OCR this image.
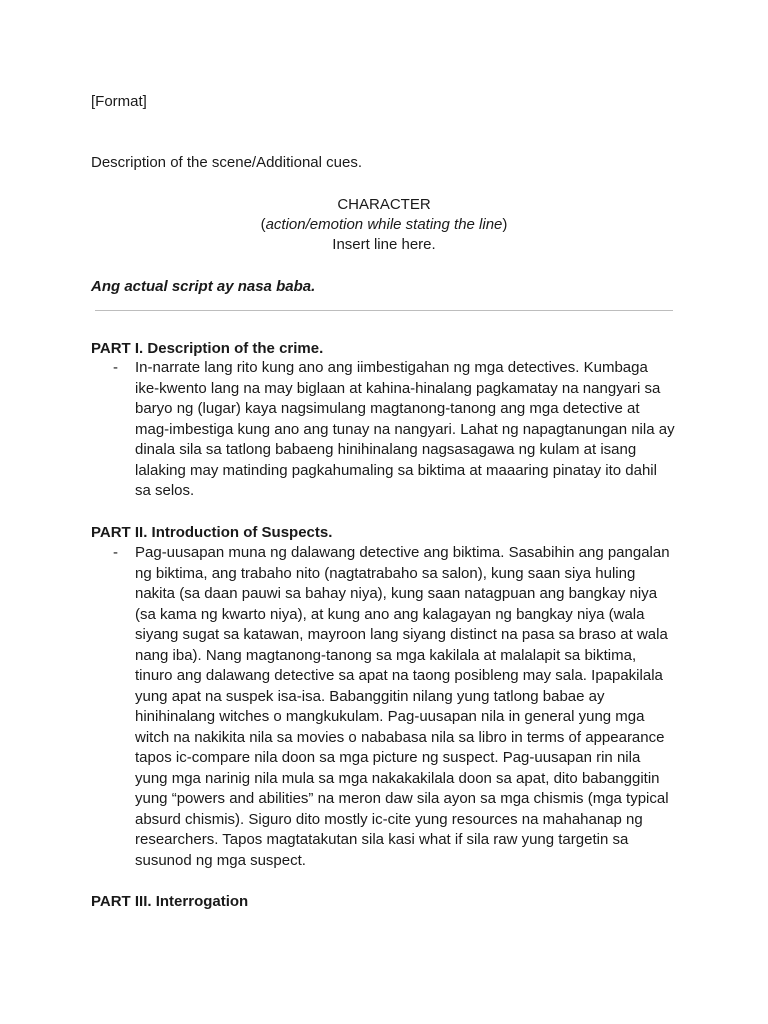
[Format]
Description of the scene/Additional cues.
CHARACTER
(action/emotion while stating the line)
Insert line here.
Ang actual script ay nasa baba.
PART I. Description of the crime.
- In-narrate lang rito kung ano ang iimbestigahan ng mga detectives. Kumbaga
ike-kwento lang na may biglaan at kahina-hinalang pagkamatay na nangyari sa
baryo ng (lugar) kaya nagsimulang magtanong-tanong ang mga detective at
mag-imbestiga kung ano ang tunay na nangyari. Lahat ng napagtanungan nila ay
dinala sila sa tatlong babaeng hinihinalang nagsasagawa ng kulam at isang
lalaking may matinding pagkahumaling sa biktima at maaaring pinatay ito dahil
sa selos.
PART II. Introduction of Suspects.
- Pag-uusapan muna ng dalawang detective ang biktima. Sasabihin ang pangalan
ng biktima, ang trabaho nito (nagtatrabaho sa salon), kung saan siya huling
nakita (sa daan pauwi sa bahay niya), kung saan natagpuan ang bangkay niya
(sa kama ng kwarto niya), at kung ano ang kalagayan ng bangkay niya (wala
siyang sugat sa katawan, mayroon lang siyang distinct na pasa sa braso at wala
nang iba). Nang magtanong-tanong sa mga kakilala at malalapit sa biktima,
tinuro ang dalawang detective sa apat na taong posibleng may sala. Ipapakilala
yung apat na suspek isa-isa. Babanggitin nilang yung tatlong babae ay
hinihinalang witches o mangkukulam. Pag-uusapan nila in general yung mga
witch na nakikita nila sa movies o nababasa nila sa libro in terms of appearance
tapos ic-compare nila doon sa mga picture ng suspect. Pag-uusapan rin nila
yung mga narinig nila mula sa mga nakakakilala doon sa apat, dito babanggitin
yung “powers and abilities” na meron daw sila ayon sa mga chismis (mga typical
absurd chismis). Siguro dito mostly ic-cite yung resources na mahahanap ng
researchers. Tapos magtatakutan sila kasi what if sila raw yung targetin sa
susunod ng mga suspect.
PART III. Interrogation
